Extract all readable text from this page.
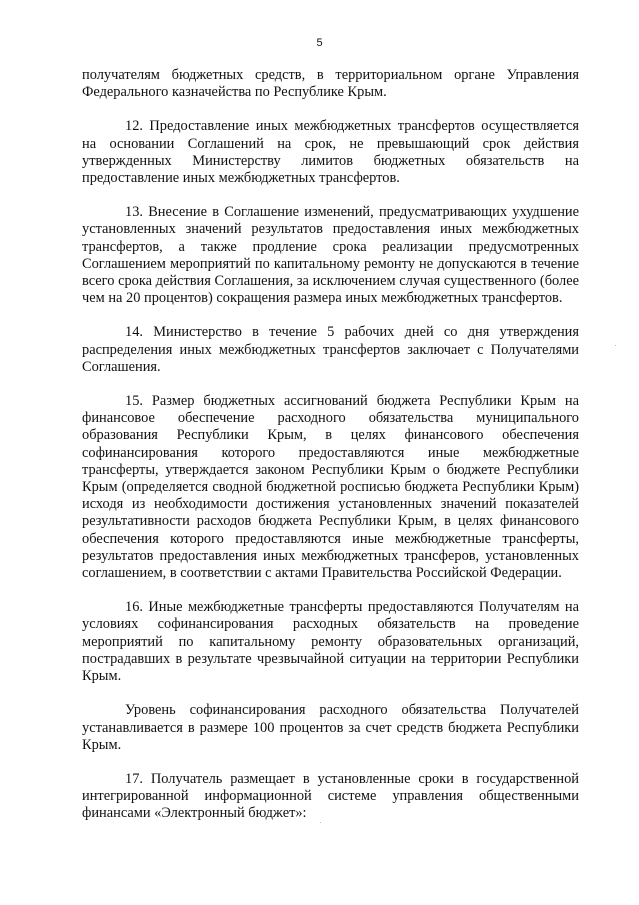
5

получателям бюджетных средств, в территориальном органе Управления Федерального казначейства по Республике Крым.

12. Предоставление иных межбюджетных трансфертов осуществляется на основании Соглашений на срок, не превышающий срок действия утвержденных Министерству лимитов бюджетных обязательств на предоставление иных межбюджетных трансфертов.

13. Внесение в Соглашение изменений, предусматривающих ухудшение установленных значений результатов предоставления иных межбюджетных трансфертов, а также продление срока реализации предусмотренных Соглашением мероприятий по капитальному ремонту не допускаются в течение всего срока действия Соглашения, за исключением случая существенного (более чем на 20 процентов) сокращения размера иных межбюджетных трансфертов.

14. Министерство в течение 5 рабочих дней со дня утверждения распределения иных межбюджетных трансфертов заключает с Получателями Соглашения.

15. Размер бюджетных ассигнований бюджета Республики Крым на финансовое обеспечение расходного обязательства муниципального образования Республики Крым, в целях финансового обеспечения софинансирования которого предоставляются иные межбюджетные трансферты, утверждается законом Республики Крым о бюджете Республики Крым (определяется сводной бюджетной росписью бюджета Республики Крым) исходя из необходимости достижения установленных значений показателей результативности расходов бюджета Республики Крым, в целях финансового обеспечения которого предоставляются иные межбюджетные трансферты, результатов предоставления иных межбюджетных трансферов, установленных соглашением, в соответствии с актами Правительства Российской Федерации.

16. Иные межбюджетные трансферты предоставляются Получателям на условиях софинансирования расходных обязательств на проведение мероприятий по капитальному ремонту образовательных организаций, пострадавших в результате чрезвычайной ситуации на территории Республики Крым.

Уровень софинансирования расходного обязательства Получателей устанавливается в размере 100 процентов за счет средств бюджета Республики Крым.

17. Получатель размещает в установленные сроки в государственной интегрированной информационной системе управления общественными финансами «Электронный бюджет»:
